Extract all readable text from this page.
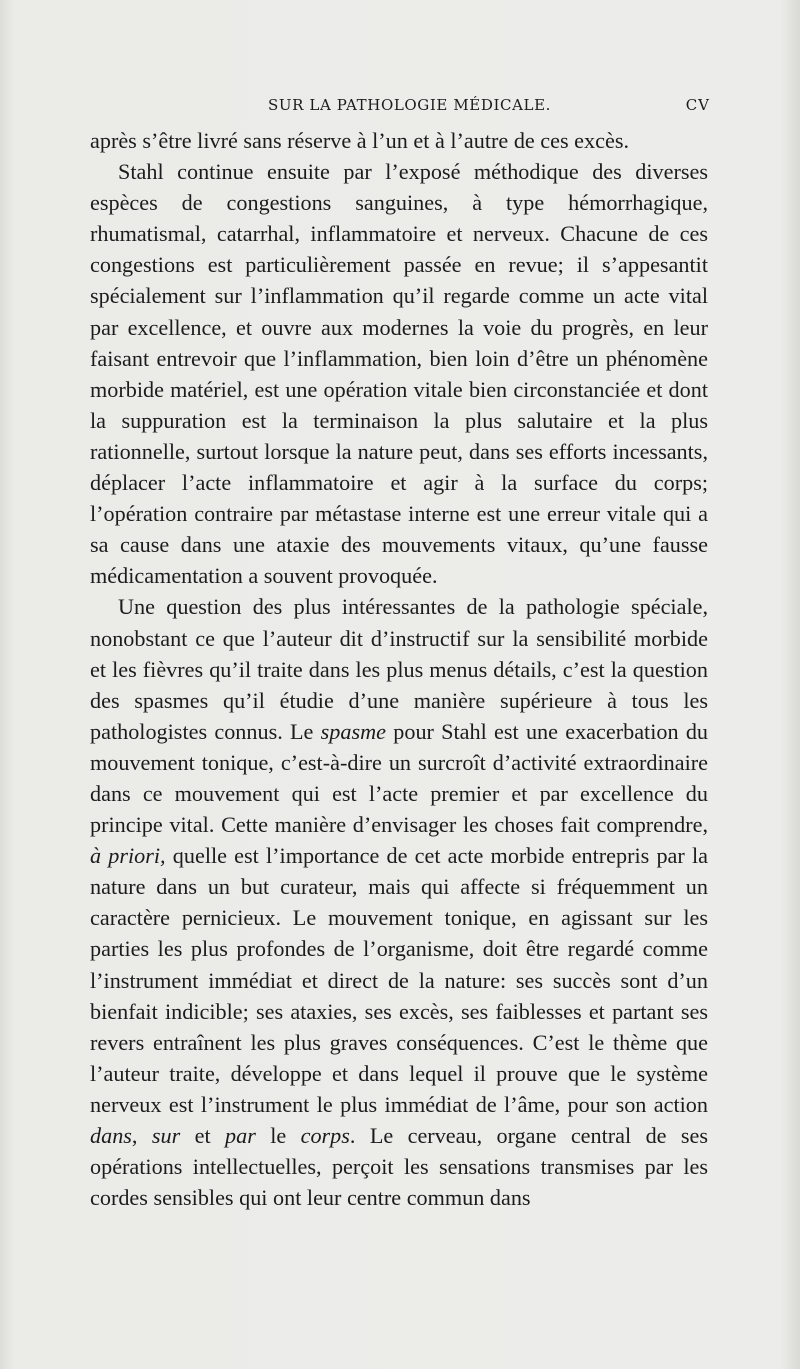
SUR LA PATHOLOGIE MÉDICALE.	CV

après s’être livré sans réserve à l’un et à l’autre de ces excès.

Stahl continue ensuite par l’exposé méthodique des diverses espèces de congestions sanguines, à type hémorrhagique, rhumatismal, catarrhal, inflammatoire et nerveux. Chacune de ces congestions est particulièrement passée en revue; il s’appesantit spécialement sur l’inflammation qu’il regarde comme un acte vital par excellence, et ouvre aux modernes la voie du progrès, en leur faisant entrevoir que l’inflammation, bien loin d’être un phénomène morbide matériel, est une opération vitale bien circonstanciée et dont la suppuration est la terminaison la plus salutaire et la plus rationnelle, surtout lorsque la nature peut, dans ses efforts incessants, déplacer l’acte inflammatoire et agir à la surface du corps; l’opération contraire par métastase interne est une erreur vitale qui a sa cause dans une ataxie des mouvements vitaux, qu’une fausse médicamentation a souvent provoquée.

Une question des plus intéressantes de la pathologie spéciale, nonobstant ce que l’auteur dit d’instructif sur la sensibilité morbide et les fièvres qu’il traite dans les plus menus détails, c’est la question des spasmes qu’il étudie d’une manière supérieure à tous les pathologistes connus. Le spasme pour Stahl est une exacerbation du mouvement tonique, c’est-à-dire un surcroît d’activité extraordinaire dans ce mouvement qui est l’acte premier et par excellence du principe vital. Cette manière d’envisager les choses fait comprendre, à priori, quelle est l’importance de cet acte morbide entrepris par la nature dans un but curateur, mais qui affecte si fréquemment un caractère pernicieux. Le mouvement tonique, en agissant sur les parties les plus profondes de l’organisme, doit être regardé comme l’instrument immédiat et direct de la nature: ses succès sont d’un bienfait indicible; ses ataxies, ses excès, ses faiblesses et partant ses revers entraînent les plus graves conséquences. C’est le thème que l’auteur traite, développe et dans lequel il prouve que le système nerveux est l’instrument le plus immédiat de l’âme, pour son action dans, sur et par le corps. Le cerveau, organe central de ses opérations intellectuelles, perçoit les sensations transmises par les cordes sensibles qui ont leur centre commun dans
